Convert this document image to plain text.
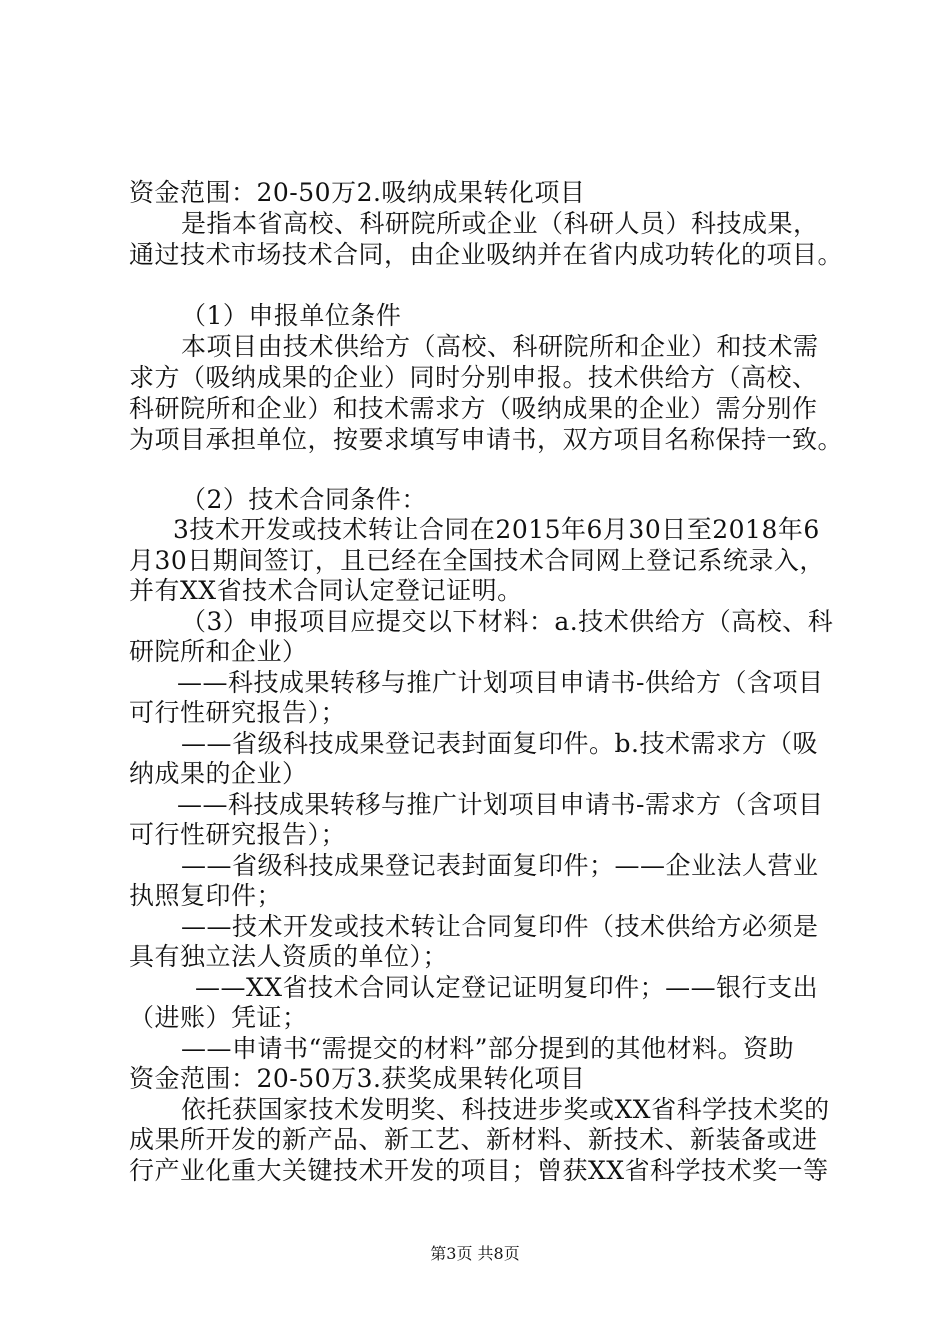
资金范围：20-50万2.吸纳成果转化项目
是指本省高校、科研院所或企业（科研人员）科技成果，
通过技术市场技术合同，由企业吸纳并在省内成功转化的项目。
（1）申报单位条件
本项目由技术供给方（高校、科研院所和企业）和技术需
求方（吸纳成果的企业）同时分别申报。技术供给方（高校、
科研院所和企业）和技术需求方（吸纳成果的企业）需分别作
为项目承担单位，按要求填写申请书，双方项目名称保持一致。
（2）技术合同条件：
3技术开发或技术转让合同在2015年6月30日至2018年6
月30日期间签订，且已经在全国技术合同网上登记系统录入，
并有XX省技术合同认定登记证明。
（3）申报项目应提交以下材料：a.技术供给方（高校、科
研院所和企业）
——科技成果转移与推广计划项目申请书-供给方（含项目
可行性研究报告）；
——省级科技成果登记表封面复印件。b.技术需求方（吸
纳成果的企业）
——科技成果转移与推广计划项目申请书-需求方（含项目
可行性研究报告）；
——省级科技成果登记表封面复印件；——企业法人营业
执照复印件；
——技术开发或技术转让合同复印件（技术供给方必须是
具有独立法人资质的单位）；
——XX省技术合同认定登记证明复印件；——银行支出
（进账）凭证；
——申请书“需提交的材料”部分提到的其他材料。资助
资金范围：20-50万3.获奖成果转化项目
依托获国家技术发明奖、科技进步奖或XX省科学技术奖的
成果所开发的新产品、新工艺、新材料、新技术、新装备或进
行产业化重大关键技术开发的项目；曾获XX省科学技术奖一等
第3页 共8页
